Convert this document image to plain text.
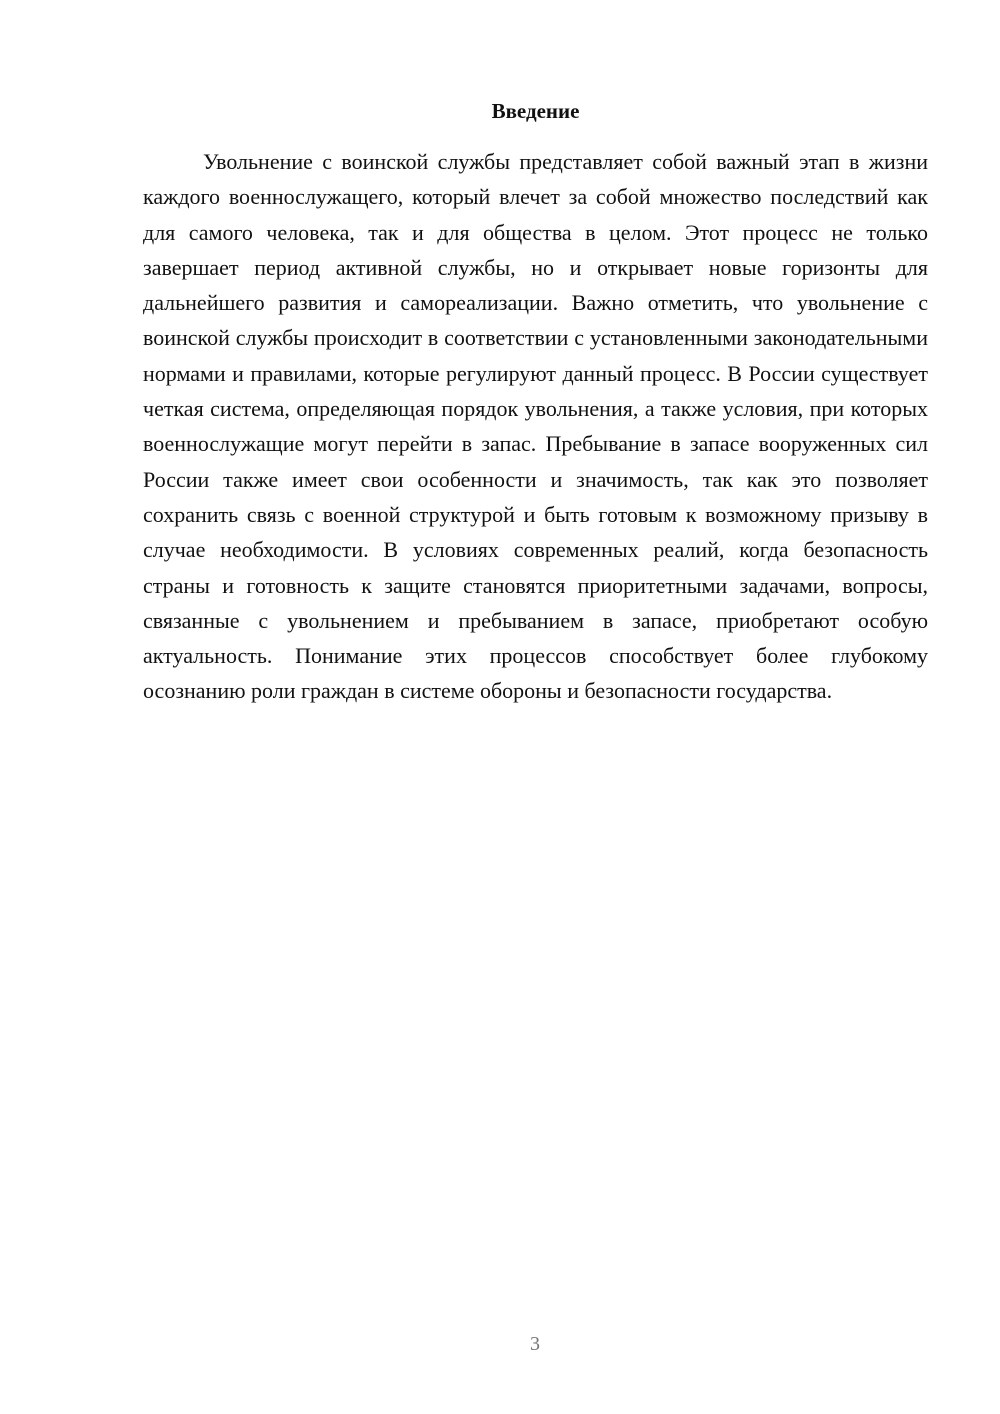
Введение

Увольнение с воинской службы представляет собой важный этап в жизни каждого военнослужащего, который влечет за собой множество последствий как для самого человека, так и для общества в целом. Этот процесс не только завершает период активной службы, но и открывает новые горизонты для дальнейшего развития и самореализации. Важно отметить, что увольнение с воинской службы происходит в соответствии с установленными законодательными нормами и правилами, которые регулируют данный процесс. В России существует четкая система, определяющая порядок увольнения, а также условия, при которых военнослужащие могут перейти в запас. Пребывание в запасе вооруженных сил России также имеет свои особенности и значимость, так как это позволяет сохранить связь с военной структурой и быть готовым к возможному призыву в случае необходимости. В условиях современных реалий, когда безопасность страны и готовность к защите становятся приоритетными задачами, вопросы, связанные с увольнением и пребыванием в запасе, приобретают особую актуальность. Понимание этих процессов способствует более глубокому осознанию роли граждан в системе обороны и безопасности государства.

3
